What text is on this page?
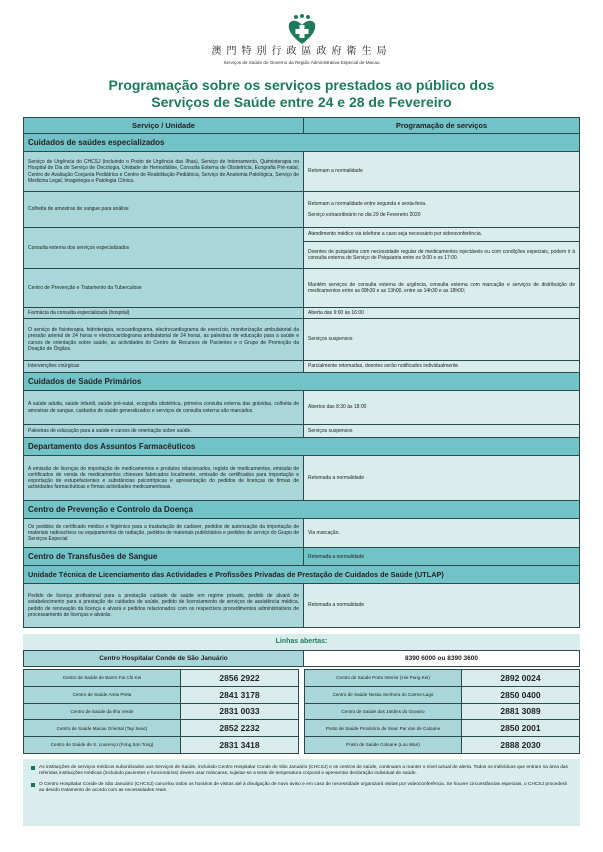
澳門特別行政區政府衛生局
Serviços de Saúde do Governo da Região Administrativa Especial de Macau
Programação sobre os serviços prestados ao público dos
Serviços de Saúde entre 24 e 28 de Fevereiro
Serviço / Unidade	Programação de serviços
Cuidados de saúdes especializados	
Serviço de Urgência do CHCSJ (incluindo o Posto de Urgência das Ilhas), Serviço de Internamento, Quimioterapia no Hospital de Dia do Serviço de Oncologia, Unidade de Hemodiálise, Consulta Externa de Obstetrícia, Ecografia Pré-natal, Centro de Avaliação Conjunta Pediátrica e Centro de Reabilitação Pediátrica, Serviço de Anatomia Patológica, Serviço de Medicina Legal, Imagiologia e Patologia Clínica.	Retomam a normalidade
Colheita de amostras de sangue para análise	Retomam a normalidade entre segunda e sexta-feira.
Serviço extraordinário no dia 29 de Fevereiro 2020

Consulta externa dos serviços especializados	Atendimento médico via telefone a caso seja necessário por videoconferência.
	Doentes de psiquiatria com necessidade regular de medicamentos injectáveis ou com condições especiais, podem ir à consulta externa do Serviço de Psiquiatria entre os 9:00 e os 17:00.
Centro de Prevenção e Tratamento da Tuberculose	Mantêm serviços de consulta externa de urgência, consulta externa com marcação e serviços de distribuição de medicamentos entre as 08h30 e as 13h00, entre as 14h30 e as 18h00;
Farmácia da consulta especializada (hospital)	Aberta das 9:00 às 16:00
O serviço de fisioterapia, hidroterapia, ecocardiograma, electrocardiograma de exercício, monitorização ambulatorial da pressão arterial de 24 horas e electrocardiograma ambulatorial de 24 horas, as palestras de educação para a saúde e cursos de orientação sobre saúde, as actividades do Centro de Recursos de Pacientes e o Grupo de Promoção da Doação de Órgãos.	Serviços suspensos
Intervenções cirúrgicas	Parcialmente retomadas, doentes serão notificados individualmente
Cuidados de Saúde Primários	
A saúde adulta, saúde infantil, saúde pré-natal, ecografia obstétrica, primeira consulta externa das grávidas, colheita de amostras de sangue, cuidados de saúde generalizados e serviços de consulta externa são marcados.	Abertos das 8:30 às 18:00
Palestras de educação para a saúde e cursos de orientação sobre saúde.	Serviços suspensos
Departamento dos Assuntos Farmacêuticos	
A emissão de licenças de importação de medicamentos e produtos relacionados, registo de medicamentos, emissão de certificados de venda de medicamentos chineses fabricados localmente, emissão de certificados para importação e exportação de estupefacientes e substâncias psicotrópicas e apresentação do pedidos de licenças de firmas de actividades farmacêuticas e firmas actividades medicamentosas.	Retomada a normalidade
Centro de Prevenção e Controlo da Doença	
Os pedidos de certificado médico e higiénico para a trasladação de cadáver, pedidos de autorização da importação de materiais radioactivos ou equipamentos de radiação, pedidos de materiais publicitários e pedidos de serviço do Grupo de Serviços Especial	Via marcação.
Centro de Transfusões de Sangue	Retomada a normalidade
Unidade Técnica de Licenciamento das Actividades e Profissões Privadas de Prestação de Cuidados de Saúde (UTLAP)	
Pedido de licença profissional para a prestação cuidado de saúde em regime privado, pedido de alvará de estabelecimento para a prestação de cuidados de saúde, pedido de licenciamento de serviços de assistência médica, pedido de renovação da licença e alvará e pedidos relacionados com os respectivos procedimentos administrativos de processamento de licenças e alvarás.	Retomada a normalidade
Linhas abertas:
Centro Hospitalar Conde de São Januário	8390 6000 ou 8390 3600
Centro de Saúde de Bairro Fai Chi Kei	2856 2922
Centro de Saúde Areia Preta	2841 3178
Centro de Saúde da Ilha Verde	2831 0033
Centro de Saúde Macau Oriental (Tap Seac)	2852 2232
Centro de Saúde de S. Lourenço (Fong Son Tong)	2831 3418
Centro de Saúde Porto Interior (Hoi Pong Kei)	2892 0024
Centro de Saúde Nossa Senhora do Carmo-Lago	2850 0400
Centro de Saúde dos Jardins do Oceano	2881 3089
Posto de Saúde Provisório de Seac Pai Van de Coloane	2850 2001
Posto de Saúde Coloane (Lou Wan)	2888 2030
As instituições de serviços médicos subordinados aos Serviços de Saúde, incluindo Centro Hospitalar Conde de São Januário (CHCSJ) e os centros de saúde, continuam a manter o nível actual de alerta. Todos os indivíduos que entram na área das referidas instituições médicas (incluindo pacientes e funcionários) devem usar máscaras, sujeitar-se a teste de temperatura corporal e apresentar declaração individual de saúde.
O Centro Hospitalar Conde de São Januário (CHCSJ) cancelou todos os horários de visitas até à divulgação de novo aviso e em caso de necessidade organizará visitas por videoconferência. Se houver circunstâncias especiais, o CHCSJ procederá ao devido tratamento de acordo com as necessidades reais.
